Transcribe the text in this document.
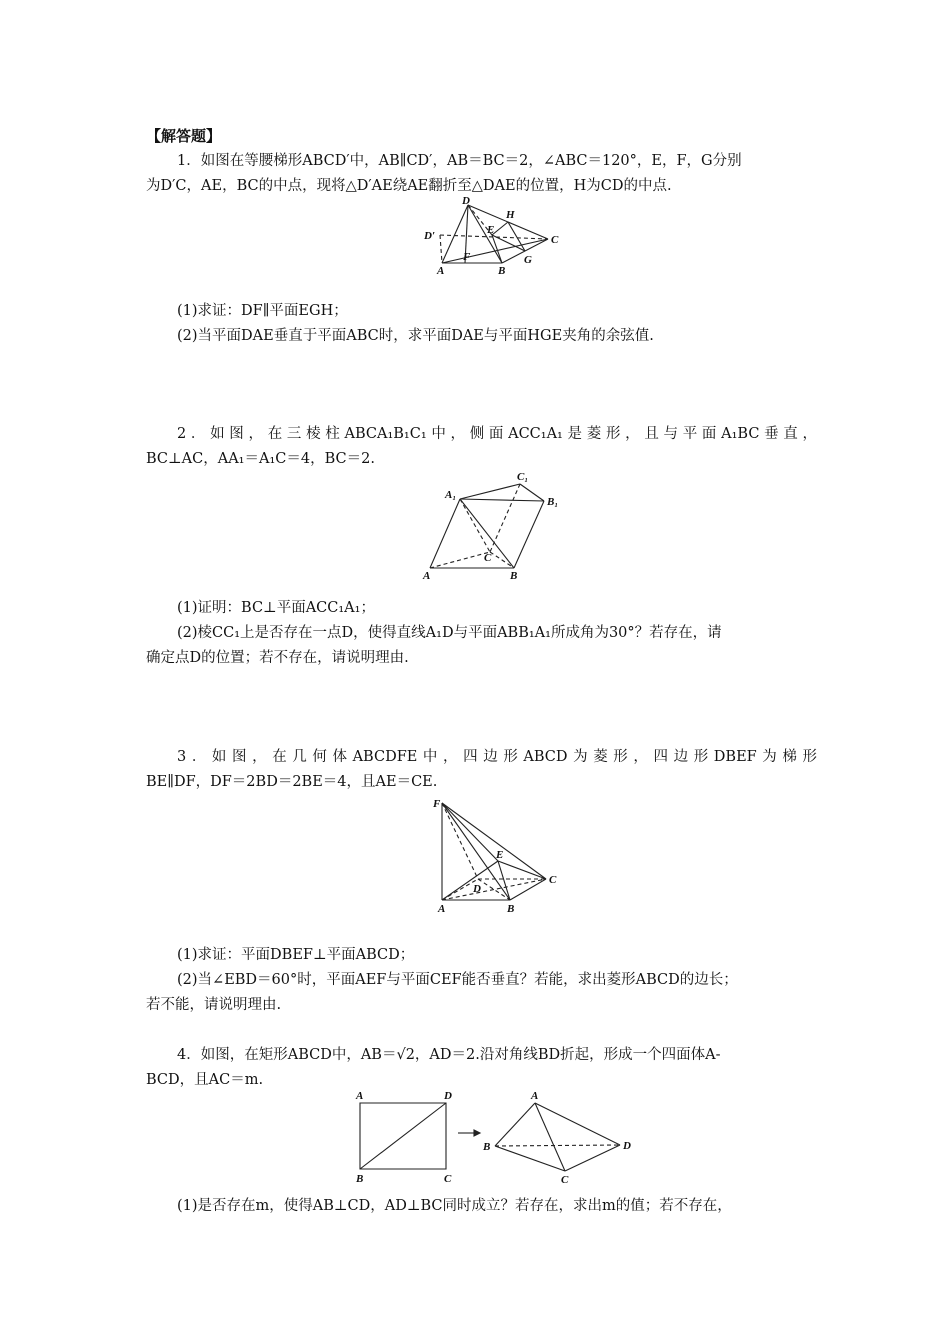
【解答题】
1．如图在等腰梯形ABCD′中，AB∥CD′，AB＝BC＝2，∠ABC＝120°，E，F，G分别
为D′C，AE，BC的中点，现将△D′AE绕AE翻折至△DAE的位置，H为CD的中点.
D
H
D′	E
C
A
F
B
G
(1)求证：DF∥平面EGH；
(2)当平面DAE垂直于平面ABC时，求平面DAE与平面HGE夹角的余弦值.
2．如图，在三棱柱ABCA₁B₁C₁中，侧面ACC₁A₁是菱形，且与平面A₁BC垂直，
BC⊥AC，AA₁＝A₁C＝4，BC＝2.
C₁
A₁
B₁
C
A	B
(1)证明：BC⊥平面ACC₁A₁；
(2)棱CC₁上是否存在一点D，使得直线A₁D与平面ABB₁A₁所成角为30°？若存在，请
确定点D的位置；若不存在，请说明理由.
3．如图，在几何体ABCDFE中，四边形ABCD为菱形，四边形DBEF为梯形
BE∥DF，DF＝2BD＝2BE＝4，且AE＝CE.
F
E
D
C
A	B
(1)求证：平面DBEF⊥平面ABCD；
(2)当∠EBD＝60°时，平面AEF与平面CEF能否垂直？若能，求出菱形ABCD的边长；
若不能，请说明理由.
4．如图，在矩形ABCD中，AB＝√2，AD＝2.沿对角线BD折起，形成一个四面体A-
BCD，且AC＝m.
A	D
B	C
A
B	D
C
(1)是否存在m，使得AB⊥CD，AD⊥BC同时成立？若存在，求出m的值；若不存在，
